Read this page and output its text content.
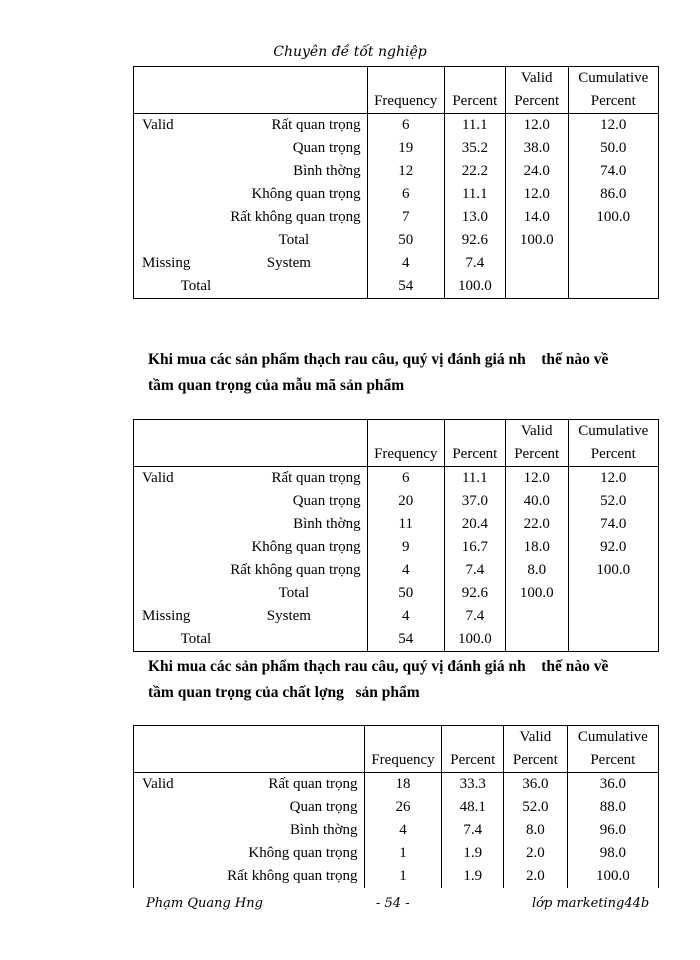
Chuyên đề tốt nghiệp
				Valid	Cumulative
		Frequency	Percent	Percent	Percent
Valid	Rất quan trọng	6	11.1	12.0	12.0
	Quan trọng	19	35.2	38.0	50.0
	Bình thờng	12	22.2	24.0	74.0
	Không quan trọng	6	11.1	12.0	86.0
	Rất không quan trọng	7	13.0	14.0	100.0
	Total	50	92.6	100.0	
Missing	System	4	7.4		
Total		54	100.0		
Khi mua các sản phẩm thạch rau câu, quý vị đánh giá nh    thế nào về
tầm quan trọng của mẫu mã sản phẩm
				Valid	Cumulative
		Frequency	Percent	Percent	Percent
Valid	Rất quan trọng	6	11.1	12.0	12.0
	Quan trọng	20	37.0	40.0	52.0
	Bình thờng	11	20.4	22.0	74.0
	Không quan trọng	9	16.7	18.0	92.0
	Rất không quan trọng	4	7.4	8.0	100.0
	Total	50	92.6	100.0	
Missing	System	4	7.4		
Total		54	100.0		
Khi mua các sản phẩm thạch rau câu, quý vị đánh giá nh    thế nào về
tầm quan trọng của chất lợng   sản phẩm
				Valid	Cumulative
		Frequency	Percent	Percent	Percent
Valid	Rất quan trọng	18	33.3	36.0	36.0
	Quan trọng	26	48.1	52.0	88.0
	Bình thờng	4	7.4	8.0	96.0
	Không quan trọng	1	1.9	2.0	98.0
	Rất không quan trọng	1	1.9	2.0	100.0
Phạm Quang Hng	- 54 -	lớp marketing44b
